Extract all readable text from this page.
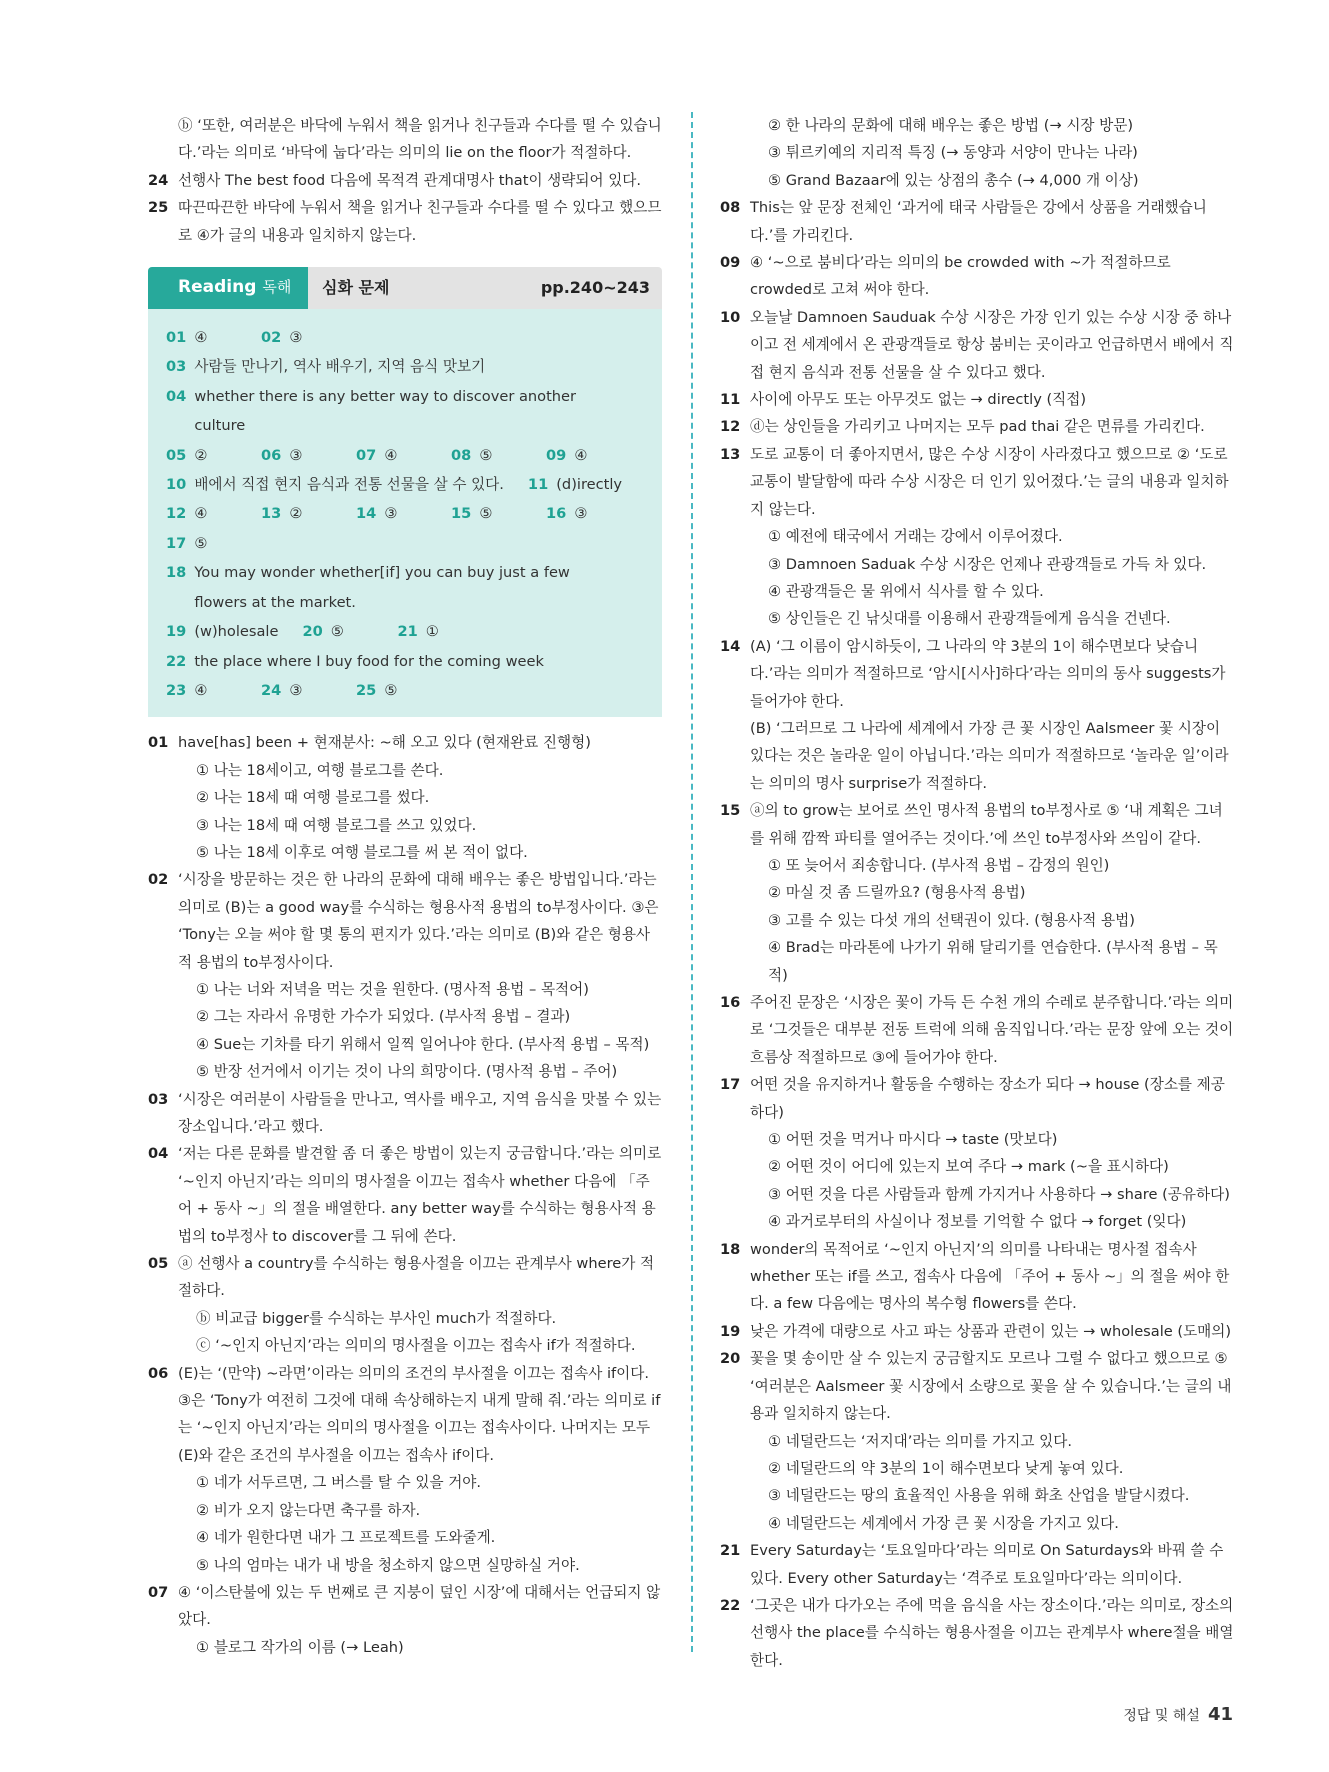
ⓑ ‘또한, 여러분은 바닥에 누워서 책을 읽거나 친구들과 수다를 떨 수 있습니다.’라는 의미로 ‘바닥에 눕다’라는 의미의 lie on the floor가 적절하다.
24 선행사 The best food 다음에 목적격 관계대명사 that이 생략되어 있다.
25 따끈따끈한 바닥에 누워서 책을 읽거나 친구들과 수다를 떨 수 있다고 했으므로 ④가 글의 내용과 일치하지 않는다.
Reading 독해 심화 문제	pp.240~243
01 ④	02 ③
03 사람들 만나기, 역사 배우기, 지역 음식 맛보기
04 whether there is any better way to discover another culture
05 ②	06 ③	07 ④	08 ⑤	09 ④
10 배에서 직접 현지 음식과 전통 선물을 살 수 있다. 11 (d)irectly
12 ④	13 ②	14 ③	15 ⑤	16 ③
17 ⑤
18 You may wonder whether[if] you can buy just a few flowers at the market.
19 (w)holesale 20 ⑤	21 ①
22 the place where I buy food for the coming week
23 ④	24 ③	25 ⑤
01 have[has] been + 현재분사: ~해 오고 있다 (현재완료 진행형)
① 나는 18세이고, 여행 블로그를 쓴다.
② 나는 18세 때 여행 블로그를 썼다.
③ 나는 18세 때 여행 블로그를 쓰고 있었다.
⑤ 나는 18세 이후로 여행 블로그를 써 본 적이 없다.
02 ‘시장을 방문하는 것은 한 나라의 문화에 대해 배우는 좋은 방법입니다.’라는 의미로 (B)는 a good way를 수식하는 형용사적 용법의 to부정사이다. ③은 ‘Tony는 오늘 써야 할 몇 통의 편지가 있다.’라는 의미로 (B)와 같은 형용사적 용법의 to부정사이다.
① 나는 너와 저녁을 먹는 것을 원한다. (명사적 용법 – 목적어)
② 그는 자라서 유명한 가수가 되었다. (부사적 용법 – 결과)
④ Sue는 기차를 타기 위해서 일찍 일어나야 한다. (부사적 용법 – 목적)
⑤ 반장 선거에서 이기는 것이 나의 희망이다. (명사적 용법 – 주어)
03 ‘시장은 여러분이 사람들을 만나고, 역사를 배우고, 지역 음식을 맛볼 수 있는 장소입니다.’라고 했다.
04 ‘저는 다른 문화를 발견할 좀 더 좋은 방법이 있는지 궁금합니다.’라는 의미로 ‘~인지 아닌지’라는 의미의 명사절을 이끄는 접속사 whether 다음에 「주어 + 동사 ~」의 절을 배열한다. any better way를 수식하는 형용사적 용법의 to부정사 to discover를 그 뒤에 쓴다.
05 ⓐ 선행사 a country를 수식하는 형용사절을 이끄는 관계부사 where가 적절하다.
ⓑ 비교급 bigger를 수식하는 부사인 much가 적절하다.
ⓒ ‘~인지 아닌지’라는 의미의 명사절을 이끄는 접속사 if가 적절하다.
06 (E)는 ‘(만약) ~라면’이라는 의미의 조건의 부사절을 이끄는 접속사 if이다. ③은 ‘Tony가 여전히 그것에 대해 속상해하는지 내게 말해 줘.’라는 의미로 if는 ‘~인지 아닌지’라는 의미의 명사절을 이끄는 접속사이다. 나머지는 모두 (E)와 같은 조건의 부사절을 이끄는 접속사 if이다.
① 네가 서두르면, 그 버스를 탈 수 있을 거야.
② 비가 오지 않는다면 축구를 하자.
④ 네가 원한다면 내가 그 프로젝트를 도와줄게.
⑤ 나의 엄마는 내가 내 방을 청소하지 않으면 실망하실 거야.
07 ④ ‘이스탄불에 있는 두 번째로 큰 지붕이 덮인 시장’에 대해서는 언급되지 않았다.
① 블로그 작가의 이름 (→ Leah)
② 한 나라의 문화에 대해 배우는 좋은 방법 (→ 시장 방문)
③ 튀르키예의 지리적 특징 (→ 동양과 서양이 만나는 나라)
⑤ Grand Bazaar에 있는 상점의 총수 (→ 4,000 개 이상)
08 This는 앞 문장 전체인 ‘과거에 태국 사람들은 강에서 상품을 거래했습니다.’를 가리킨다.
09 ④ ‘~으로 붐비다’라는 의미의 be crowded with ~가 적절하므로 crowded로 고쳐 써야 한다.
10 오늘날 Damnoen Sauduak 수상 시장은 가장 인기 있는 수상 시장 중 하나이고 전 세계에서 온 관광객들로 항상 붐비는 곳이라고 언급하면서 배에서 직접 현지 음식과 전통 선물을 살 수 있다고 했다.
11 사이에 아무도 또는 아무것도 없는 → directly (직접)
12 ⓓ는 상인들을 가리키고 나머지는 모두 pad thai 같은 면류를 가리킨다.
13 도로 교통이 더 좋아지면서, 많은 수상 시장이 사라졌다고 했으므로 ② ‘도로 교통이 발달함에 따라 수상 시장은 더 인기 있어졌다.’는 글의 내용과 일치하지 않는다.
① 예전에 태국에서 거래는 강에서 이루어졌다.
③ Damnoen Saduak 수상 시장은 언제나 관광객들로 가득 차 있다.
④ 관광객들은 물 위에서 식사를 할 수 있다.
⑤ 상인들은 긴 낚싯대를 이용해서 관광객들에게 음식을 건넨다.
14 (A) ‘그 이름이 암시하듯이, 그 나라의 약 3분의 1이 해수면보다 낮습니다.’라는 의미가 적절하므로 ‘암시[시사]하다’라는 의미의 동사 suggests가 들어가야 한다.
(B) ‘그러므로 그 나라에 세계에서 가장 큰 꽃 시장인 Aalsmeer 꽃 시장이 있다는 것은 놀라운 일이 아닙니다.’라는 의미가 적절하므로 ‘놀라운 일’이라는 의미의 명사 surprise가 적절하다.
15 ⓐ의 to grow는 보어로 쓰인 명사적 용법의 to부정사로 ⑤ ‘내 계획은 그녀를 위해 깜짝 파티를 열어주는 것이다.’에 쓰인 to부정사와 쓰임이 같다.
① 또 늦어서 죄송합니다. (부사적 용법 – 감정의 원인)
② 마실 것 좀 드릴까요? (형용사적 용법)
③ 고를 수 있는 다섯 개의 선택권이 있다. (형용사적 용법)
④ Brad는 마라톤에 나가기 위해 달리기를 연습한다. (부사적 용법 – 목적)
16 주어진 문장은 ‘시장은 꽃이 가득 든 수천 개의 수레로 분주합니다.’라는 의미로 ‘그것들은 대부분 전동 트럭에 의해 움직입니다.’라는 문장 앞에 오는 것이 흐름상 적절하므로 ③에 들어가야 한다.
17 어떤 것을 유지하거나 활동을 수행하는 장소가 되다 → house (장소를 제공하다)
① 어떤 것을 먹거나 마시다 → taste (맛보다)
② 어떤 것이 어디에 있는지 보여 주다 → mark (~을 표시하다)
③ 어떤 것을 다른 사람들과 함께 가지거나 사용하다 → share (공유하다)
④ 과거로부터의 사실이나 정보를 기억할 수 없다 → forget (잊다)
18 wonder의 목적어로 ‘~인지 아닌지’의 의미를 나타내는 명사절 접속사 whether 또는 if를 쓰고, 접속사 다음에 「주어 + 동사 ~」의 절을 써야 한다. a few 다음에는 명사의 복수형 flowers를 쓴다.
19 낮은 가격에 대량으로 사고 파는 상품과 관련이 있는 → wholesale (도매의)
20 꽃을 몇 송이만 살 수 있는지 궁금할지도 모르나 그럴 수 없다고 했으므로 ⑤ ‘여러분은 Aalsmeer 꽃 시장에서 소량으로 꽃을 살 수 있습니다.’는 글의 내용과 일치하지 않는다.
① 네덜란드는 ‘저지대’라는 의미를 가지고 있다.
② 네덜란드의 약 3분의 1이 해수면보다 낮게 놓여 있다.
③ 네덜란드는 땅의 효율적인 사용을 위해 화초 산업을 발달시켰다.
④ 네덜란드는 세계에서 가장 큰 꽃 시장을 가지고 있다.
21 Every Saturday는 ‘토요일마다’라는 의미로 On Saturdays와 바꿔 쓸 수 있다. Every other Saturday는 ‘격주로 토요일마다’라는 의미이다.
22 ‘그곳은 내가 다가오는 주에 먹을 음식을 사는 장소이다.’라는 의미로, 장소의 선행사 the place를 수식하는 형용사절을 이끄는 관계부사 where절을 배열한다.
정답 및 해설 41
